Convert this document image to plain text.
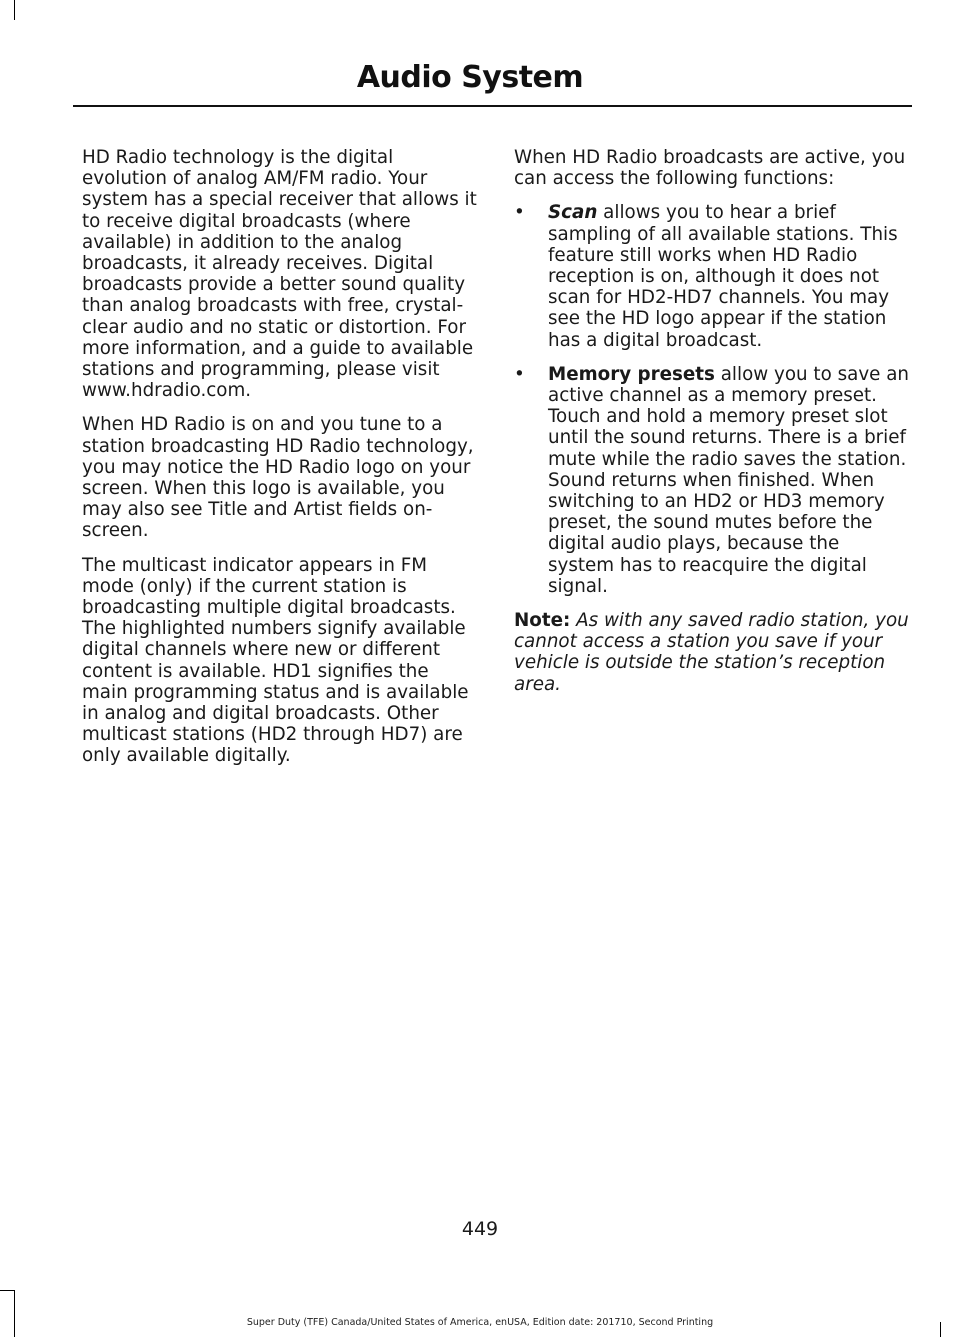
Audio System

HD Radio technology is the digital evolution of analog AM/FM radio. Your system has a special receiver that allows it to receive digital broadcasts (where available) in addition to the analog broadcasts, it already receives. Digital broadcasts provide a better sound quality than analog broadcasts with free, crystal-clear audio and no static or distortion. For more information, and a guide to available stations and programming, please visit www.hdradio.com.

When HD Radio is on and you tune to a station broadcasting HD Radio technology, you may notice the HD Radio logo on your screen. When this logo is available, you may also see Title and Artist fields on-screen.

The multicast indicator appears in FM mode (only) if the current station is broadcasting multiple digital broadcasts. The highlighted numbers signify available digital channels where new or different content is available. HD1 signifies the main programming status and is available in analog and digital broadcasts. Other multicast stations (HD2 through HD7) are only available digitally.

When HD Radio broadcasts are active, you can access the following functions:

• Scan allows you to hear a brief sampling of all available stations. This feature still works when HD Radio reception is on, although it does not scan for HD2-HD7 channels. You may see the HD logo appear if the station has a digital broadcast.
• Memory presets allow you to save an active channel as a memory preset. Touch and hold a memory preset slot until the sound returns. There is a brief mute while the radio saves the station. Sound returns when finished. When switching to an HD2 or HD3 memory preset, the sound mutes before the digital audio plays, because the system has to reacquire the digital signal.

Note: As with any saved radio station, you cannot access a station you save if your vehicle is outside the station’s reception area.

449
Super Duty (TFE) Canada/United States of America, enUSA, Edition date: 201710, Second Printing
